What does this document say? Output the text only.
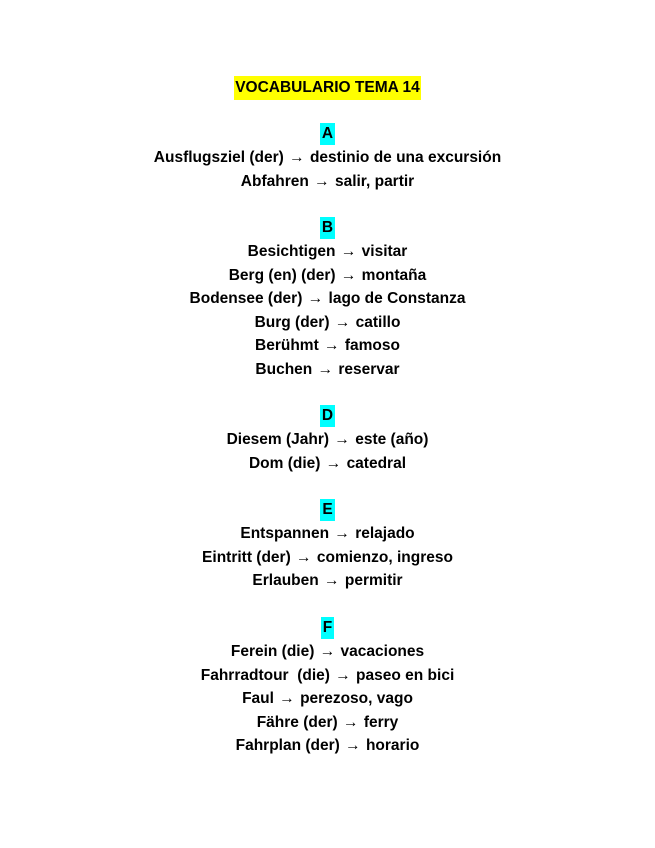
VOCABULARIO TEMA 14
A
Ausflugsziel (der) → destinio de una excursión
Abfahren → salir, partir
B
Besichtigen → visitar
Berg (en) (der) → montaña
Bodensee (der) → lago de Constanza
Burg (der) → catillo
Berühmt → famoso
Buchen → reservar
D
Diesem (Jahr) → este (año)
Dom (die) → catedral
E
Entspannen → relajado
Eintritt (der) → comienzo, ingreso
Erlauben → permitir
F
Ferein (die) → vacaciones
Fahrradtour  (die) → paseo en bici
Faul → perezoso, vago
Fähre (der) → ferry
Fahrplan (der) → horario
